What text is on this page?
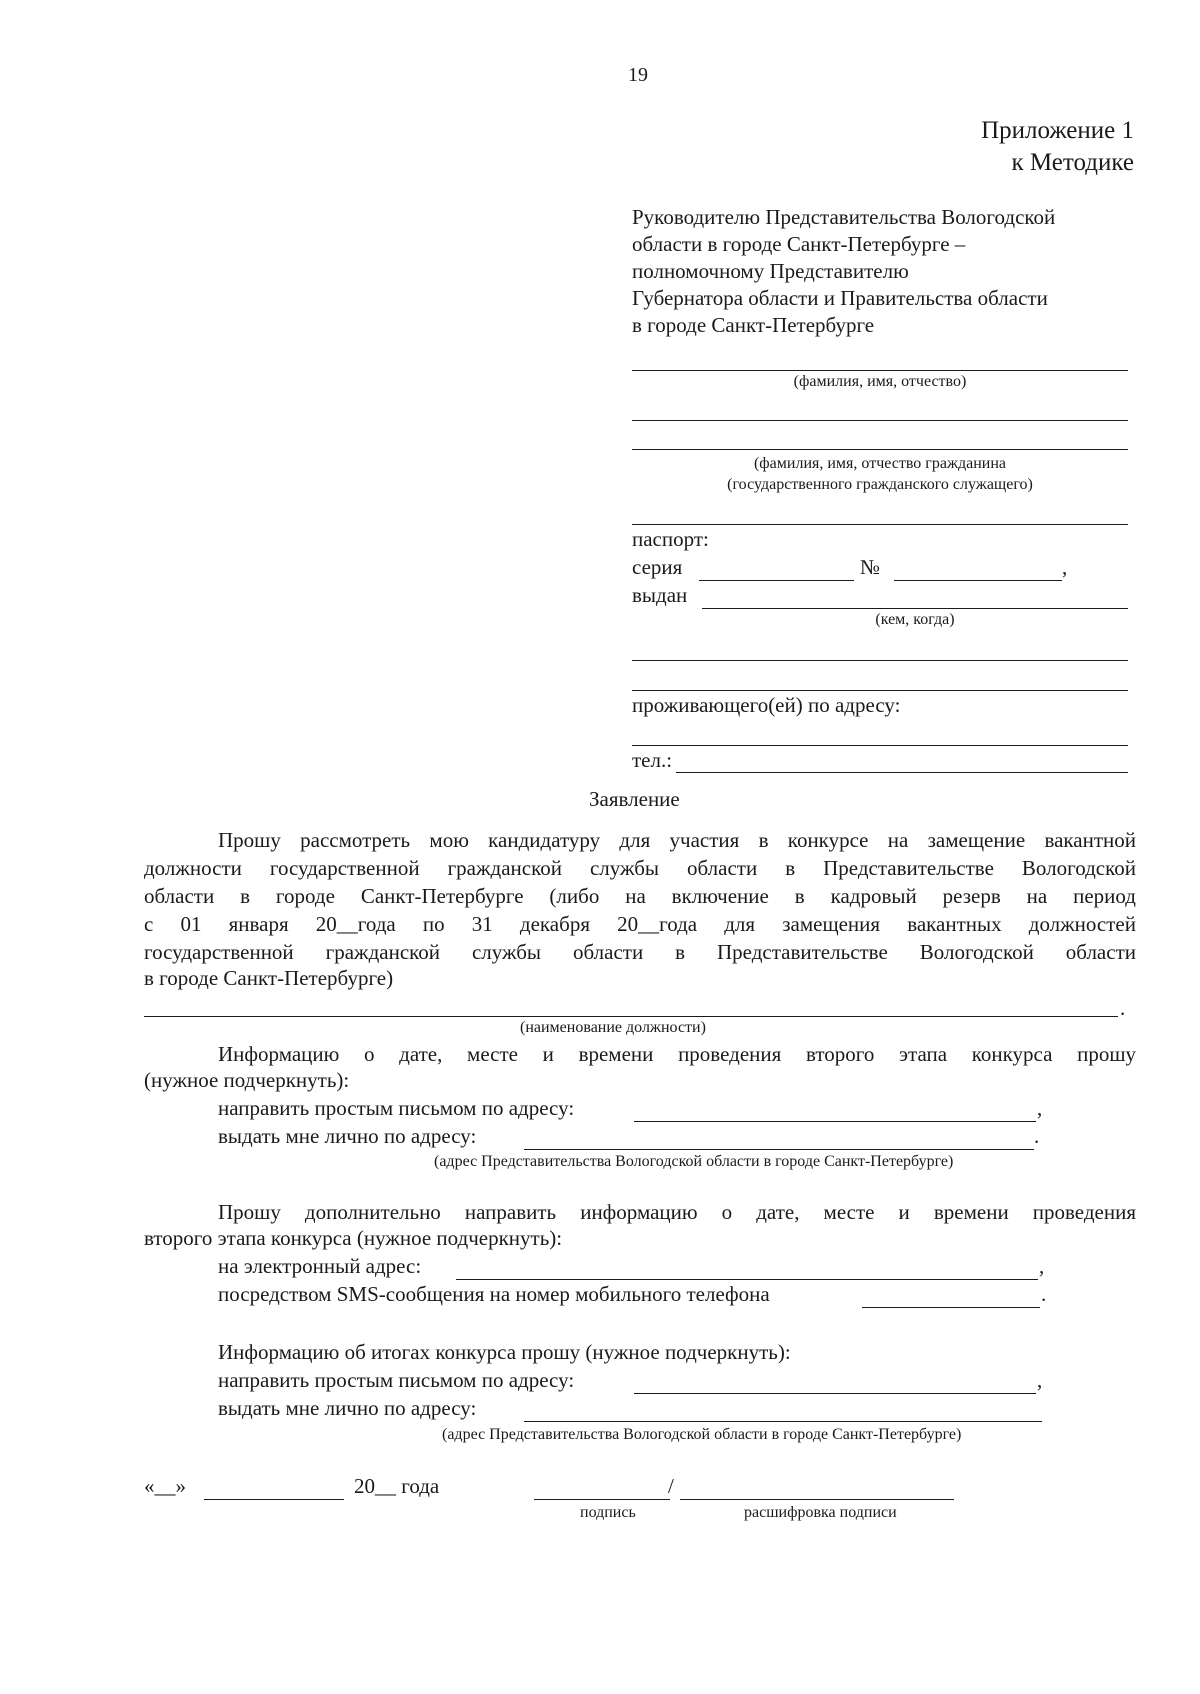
19
Приложение 1
к Методике
Руководителю Представительства Вологодской
области в городе Санкт-Петербурге –
полномочному Представителю
Губернатора области и Правительства области
в городе Санкт-Петербурге
(фамилия, имя, отчество)
(фамилия, имя, отчество гражданина
(государственного гражданского служащего)
паспорт:
серия	№	,
выдан
(кем, когда)
проживающего(ей) по адресу:
тел.:
Заявление
Прошу рассмотреть мою кандидатуру для участия в конкурсе на замещение вакантной
должности государственной гражданской службы области в Представительстве Вологодской
области в городе Санкт-Петербурге (либо на включение в кадровый резерв на период
с 01 января 20__года по 31 декабря 20__года для замещения вакантных должностей
государственной гражданской службы области в Представительстве Вологодской области
в городе Санкт-Петербурге)
.
(наименование должности)
Информацию о дате, месте и времени проведения второго этапа конкурса прошу
(нужное подчеркнуть):
направить простым письмом по адресу:	,
выдать мне лично по адресу:	.
(адрес Представительства Вологодской области в городе Санкт-Петербурге)
Прошу дополнительно направить информацию о дате, месте и времени проведения
второго этапа конкурса (нужное подчеркнуть):
на электронный адрес:	,
посредством SMS-сообщения на номер мобильного телефона	.
Информацию об итогах конкурса прошу (нужное подчеркнуть):
направить простым письмом по адресу:	,
выдать мне лично по адресу:
(адрес Представительства Вологодской области в городе Санкт-Петербурге)
«__»	20__ года	/
подпись	расшифровка подписи
